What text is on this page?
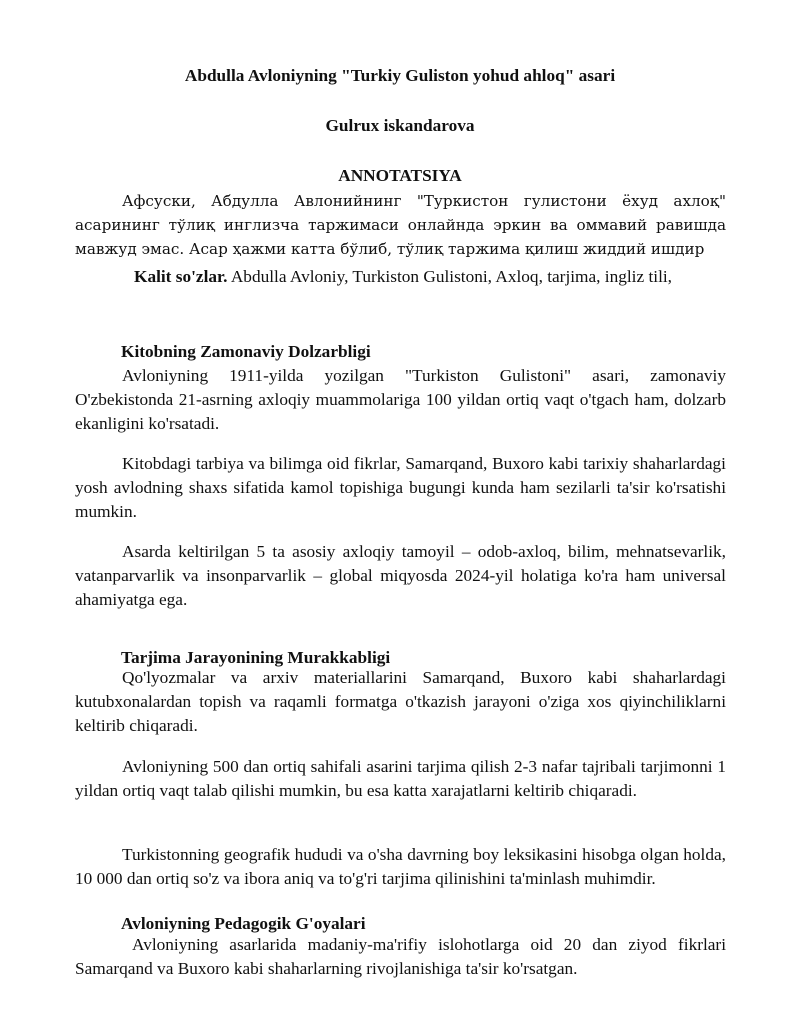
Abdulla Avloniyning "Turkiy Guliston yohud ahloq" asari
Gulrux iskandarova
ANNOTATSIYA

Афсуски, Абдулла Авлонийнинг "Туркистон гулистони ёхуд ахлоқ" асарининг тўлиқ инглизча таржимаси онлайнда эркин ва оммавий равишда мавжуд эмас. Асар ҳажми катта бўлиб, тўлиқ таржима қилиш жиддий ишдир

Kalit so'zlar. Abdulla Avloniy, Turkiston Gulistoni, Axloq, tarjima, ingliz tili,

Kitobning Zamonaviy Dolzarbligi

Avloniyning 1911-yilda yozilgan "Turkiston Gulistoni" asari, zamonaviy O'zbekistonda 21-asrning axloqiy muammolariga 100 yildan ortiq vaqt o'tgach ham, dolzarb ekanligini ko'rsatadi.

Kitobdagi tarbiya va bilimga oid fikrlar, Samarqand, Buxoro kabi tarixiy shaharlardagi yosh avlodning shaxs sifatida kamol topishiga bugungi kunda ham sezilarli ta'sir ko'rsatishi mumkin.

Asarda keltirilgan 5 ta asosiy axloqiy tamoyil – odob-axloq, bilim, mehnatsevarlik, vatanparvarlik va insonparvarlik – global miqyosda 2024-yil holatiga ko'ra ham universal ahamiyatga ega.

Tarjima Jarayonining Murakkabligi

Qo'lyozmalar va arxiv materiallarini Samarqand, Buxoro kabi shaharlardagi kutubxonalardan topish va raqamli formatga o'tkazish jarayoni o'ziga xos qiyinchiliklarni keltirib chiqaradi.

Avloniyning 500 dan ortiq sahifali asarini tarjima qilish 2-3 nafar tajribali tarjimonni 1 yildan ortiq vaqt talab qilishi mumkin, bu esa katta xarajatlarni keltirib chiqaradi.

Turkistonning geografik hududi va o'sha davrning boy leksikasini hisobga olgan holda, 10 000 dan ortiq so'z va ibora aniq va to'g'ri tarjima qilinishini ta'minlash muhimdir.

Avloniyning Pedagogik G'oyalari

Avloniyning asarlarida madaniy-ma'rifiy islohotlarga oid 20 dan ziyod fikrlari Samarqand va Buxoro kabi shaharlarning rivojlanishiga ta'sir ko'rsatgan.
